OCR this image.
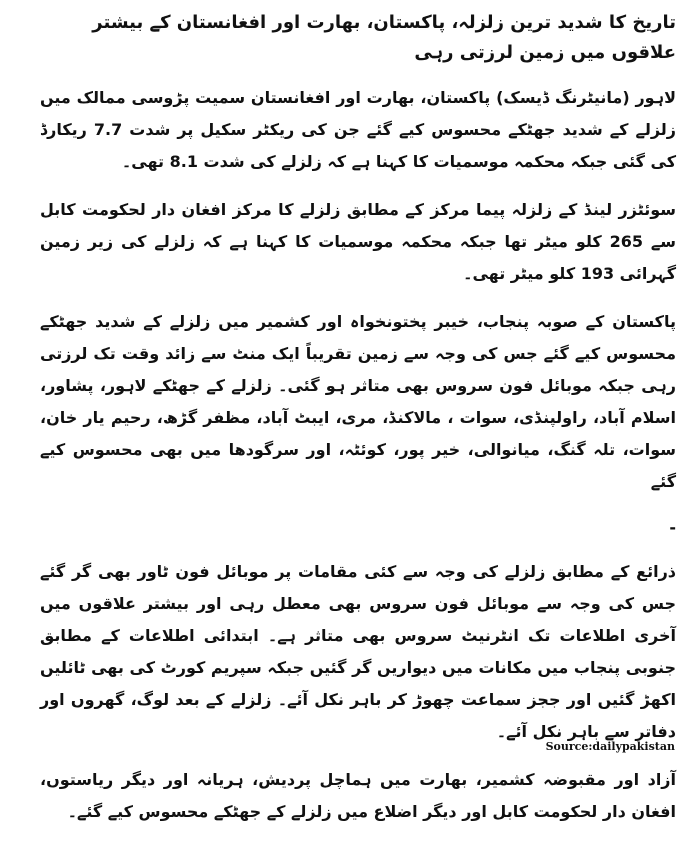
تاریخ کا شدید ترین زلزلہ، پاکستان، بھارت اور افغانستان کے بیشتر علاقوں میں زمین لرزتی رہی
لاہور (مانیٹرنگ ڈیسک) پاکستان، بھارت اور افغانستان سمیت پڑوسی ممالک میں زلزلے کے شدید جھٹکے محسوس کیے گئے جن کی ریکٹر سکیل پر شدت 7.7 ریکارڈ کی گئی جبکہ محکمہ موسمیات کا کہنا ہے کہ زلزلے کی شدت 8.1 تھی۔
سوئٹزر لینڈ کے زلزلہ پیما مرکز کے مطابق زلزلے کا مرکز افغان دار لحکومت کابل سے 265 کلو میٹر تھا جبکہ محکمہ موسمیات کا کہنا ہے کہ زلزلے کی زیر زمین گہرائی 193 کلو میٹر تھی۔
پاکستان کے صوبہ پنجاب، خیبر پختونخواہ اور کشمیر میں زلزلے کے شدید جھٹکے محسوس کیے گئے جس کی وجہ سے زمین تقریباً ایک منٹ سے زائد وقت تک لرزتی رہی جبکہ موبائل فون سروس بھی متاثر ہو گئی۔ زلزلے کے جھٹکے لاہور، پشاور، اسلام آباد، راولپنڈی، سوات ، مالاکنڈ، مری، ایبٹ آباد، مظفر گڑھ، رحیم یار خان، سوات، تلہ گنگ، میانوالی، خیر پور، کوئٹہ، اور سرگودھا میں بھی محسوس کیے گئے
-
ذرائع کے مطابق زلزلے کی وجہ سے کئی مقامات پر موبائل فون ٹاور بھی گر گئے جس کی وجہ سے موبائل فون سروس بھی معطل رہی اور بیشتر علاقوں میں آخری اطلاعات تک انٹرنیٹ سروس بھی متاثر ہے۔ ابتدائی اطلاعات کے مطابق جنوبی پنجاب میں مکانات میں دیواریں گر گئیں جبکہ سپریم کورٹ کی بھی ٹائلیں اکھڑ گئیں اور ججز سماعت چھوڑ کر باہر نکل آئے۔ زلزلے کے بعد لوگ، گھروں اور دفاتر سے باہر نکل آئے۔
آزاد اور مقبوضہ کشمیر، بھارت میں ہماچل پردیش، ہریانہ اور دیگر ریاستوں، افغان دار لحکومت کابل اور دیگر اضلاع میں زلزلے کے جھٹکے محسوس کیے گئے۔
Source:dailypakistan
